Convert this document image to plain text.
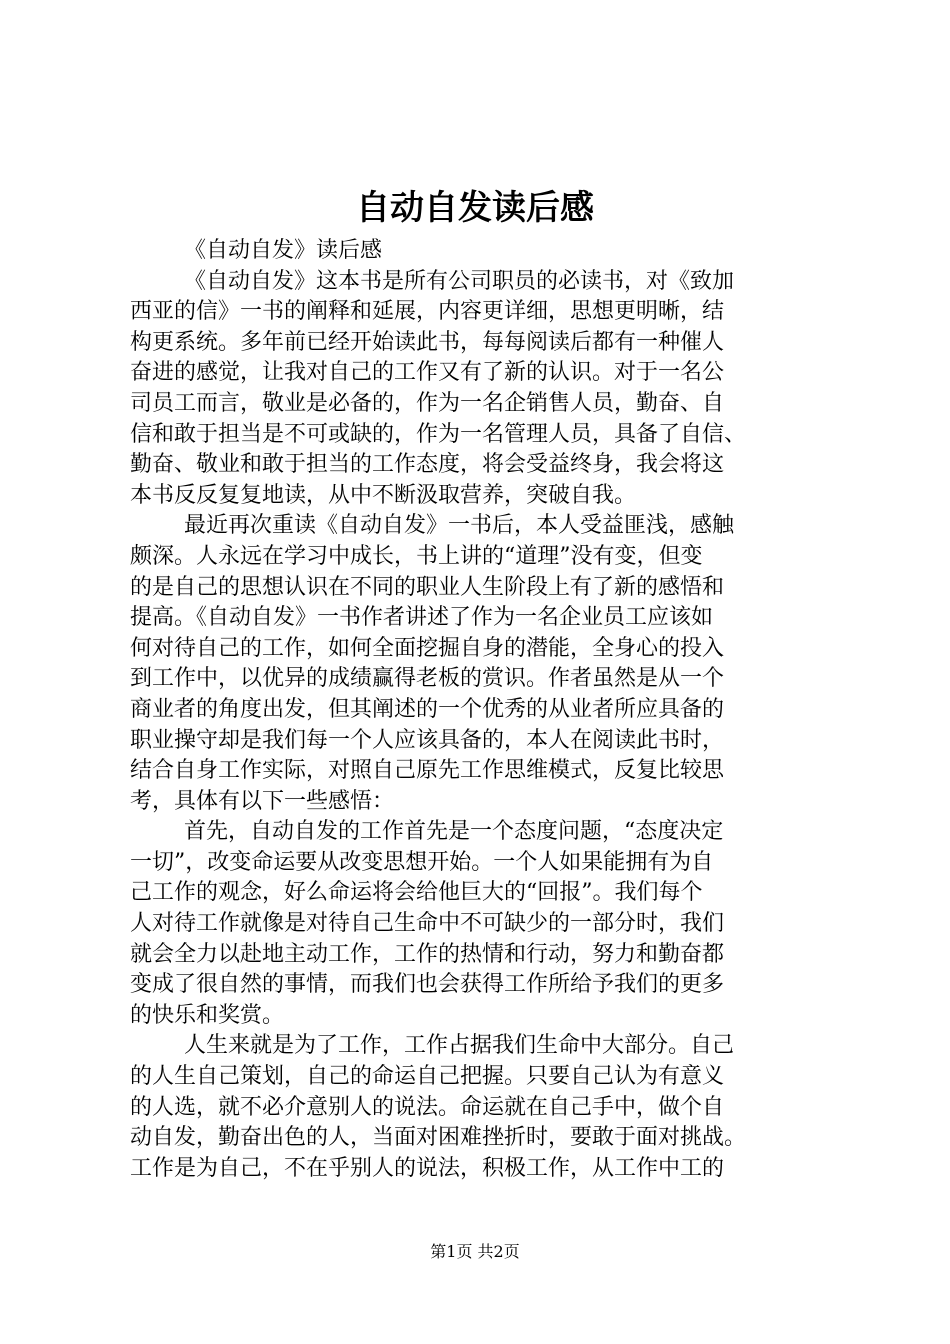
自动自发读后感
《自动自发》读后感
《自动自发》这本书是所有公司职员的必读书，对《致加
西亚的信》一书的阐释和延展，内容更详细，思想更明晰，结
构更系统。多年前已经开始读此书，每每阅读后都有一种催人
奋进的感觉，让我对自己的工作又有了新的认识。对于一名公
司员工而言，敬业是必备的，作为一名企销售人员，勤奋、自
信和敢于担当是不可或缺的，作为一名管理人员，具备了自信、
勤奋、敬业和敢于担当的工作态度，将会受益终身，我会将这
本书反反复复地读，从中不断汲取营养，突破自我。
最近再次重读《自动自发》一书后，本人受益匪浅，感触
颇深。人永远在学习中成长，书上讲的“道理”没有变，但变
的是自己的思想认识在不同的职业人生阶段上有了新的感悟和
提高。《自动自发》一书作者讲述了作为一名企业员工应该如
何对待自己的工作，如何全面挖掘自身的潜能，全身心的投入
到工作中，以优异的成绩赢得老板的赏识。作者虽然是从一个
商业者的角度出发，但其阐述的一个优秀的从业者所应具备的
职业操守却是我们每一个人应该具备的，本人在阅读此书时，
结合自身工作实际，对照自己原先工作思维模式，反复比较思
考，具体有以下一些感悟：
首先，自动自发的工作首先是一个态度问题，“态度决定
一切”，改变命运要从改变思想开始。一个人如果能拥有为自
己工作的观念，好么命运将会给他巨大的“回报”。我们每个
人对待工作就像是对待自己生命中不可缺少的一部分时，我们
就会全力以赴地主动工作，工作的热情和行动，努力和勤奋都
变成了很自然的事情，而我们也会获得工作所给予我们的更多
的快乐和奖赏。
人生来就是为了工作，工作占据我们生命中大部分。自己
的人生自己策划，自己的命运自己把握。只要自己认为有意义
的人选，就不必介意别人的说法。命运就在自己手中，做个自
动自发，勤奋出色的人，当面对困难挫折时，要敢于面对挑战。
工作是为自己，不在乎别人的说法，积极工作，从工作中工的
第1页 共2页
